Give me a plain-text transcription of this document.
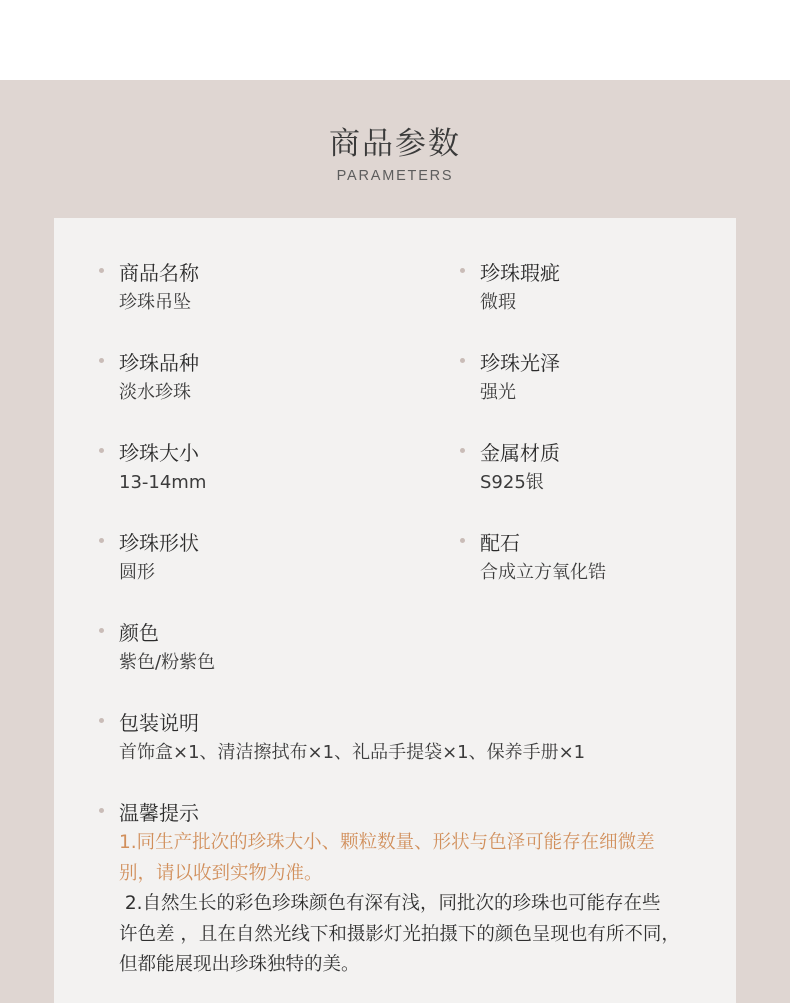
商品参数
PARAMETERS
商品名称
珍珠吊坠
珍珠瑕疵
微瑕
珍珠品种
淡水珍珠
珍珠光泽
强光
珍珠大小
13-14mm
金属材质
S925银
珍珠形状
圆形
配石
合成立方氧化锆
颜色
紫色/粉紫色
包装说明
首饰盒×1、清洁擦拭布×1、礼品手提袋×1、保养手册×1
温馨提示
1.同生产批次的珍珠大小、颗粒数量、形状与色泽可能存在细微差
别，请以收到实物为准。
2.自然生长的彩色珍珠颜色有深有浅，同批次的珍珠也可能存在些
许色差 ，且在自然光线下和摄影灯光拍摄下的颜色呈现也有所不同，
但都能展现出珍珠独特的美。
